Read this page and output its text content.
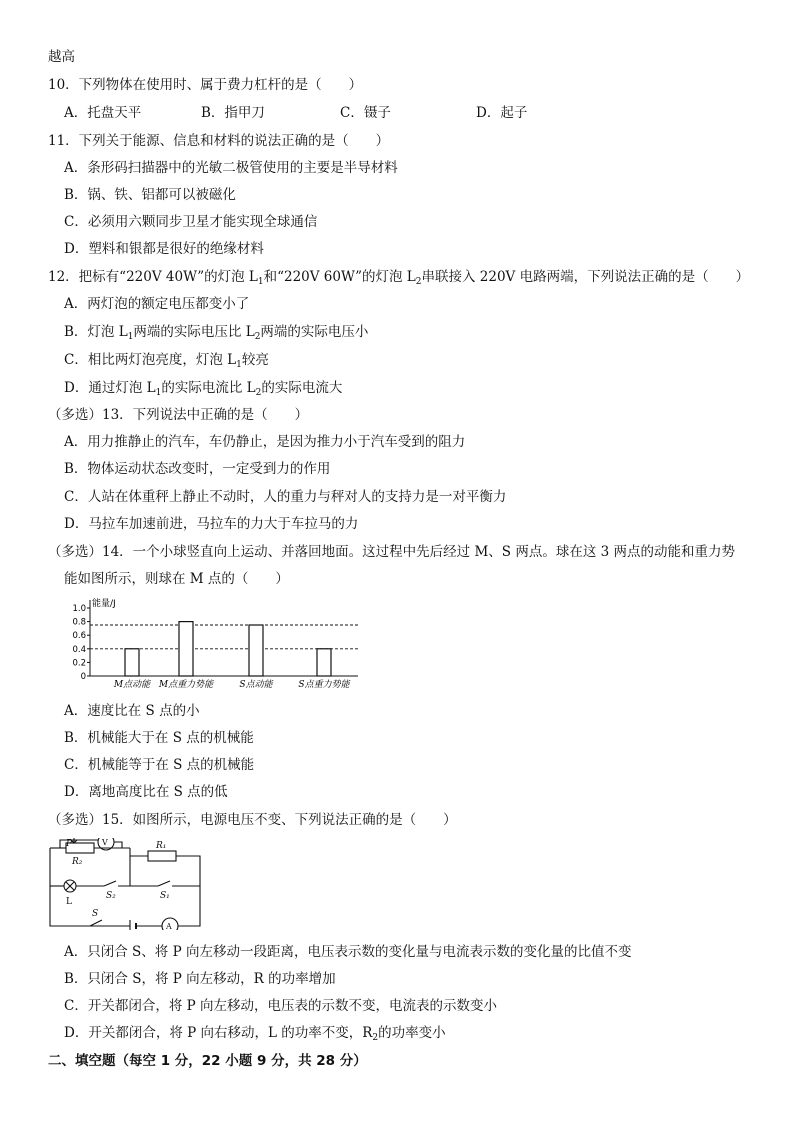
越高
10．下列物体在使用时、属于费力杠杆的是（　　）
A．托盘天平	B．指甲刀	C．镊子	D．起子
11．下列关于能源、信息和材料的说法正确的是（　　）
A．条形码扫描器中的光敏二极管使用的主要是半导材料
B．锅、铁、铝都可以被磁化
C．必须用六颗同步卫星才能实现全球通信
D．塑料和银都是很好的绝缘材料
12．把标有“220V 40W”的灯泡 $L_1$和“220V 60W”的灯泡 $L_2$串联接入 220V 电路两端，下列说法正确的是（　　）
A．两灯泡的额定电压都变小了
B．灯泡 $L_1$两端的实际电压比 $L_2$两端的实际电压小
C．相比两灯泡亮度，灯泡 $L_1$较亮
D．通过灯泡 $L_1$的实际电流比 $L_2$的实际电流大
（多选）13．下列说法中正确的是（　　）
A．用力推静止的汽车，车仍静止，是因为推力小于汽车受到的阻力
B．物体运动状态改变时，一定受到力的作用
C．人站在体重秤上静止不动时，人的重力与秤对人的支持力是一对平衡力
D．马拉车加速前进，马拉车的力大于车拉马的力
（多选）14．一个小球竖直向上运动、并落回地面。这过程中先后经过 M、S 两点。球在这 3 两点的动能和重力势
能如图所示，则球在 M 点的（　　）
能量/J
0
0.2
0.4
0.6
0.8
1.0
M点动能 M点重力势能	S点动能	S点重力势能
A．速度比在 S 点的小
B．机械能大于在 S 点的机械能
C．机械能等于在 S 点的机械能
D．离地高度比在 S 点的低
（多选）15．如图所示，电源电压不变、下列说法正确的是（　　）
P
R₂
V	R₁
L
S₂	S₁
S
A
A．只闭合 S、将 P 向左移动一段距离，电压表示数的变化量与电流表示数的变化量的比值不变
B．只闭合 S，将 P 向左移动，R 的功率增加
C．开关都闭合，将 P 向左移动，电压表的示数不变，电流表的示数变小
D．开关都闭合，将 P 向右移动，L 的功率不变，$R_2$的功率变小
二、填空题（每空 1 分，22 小题 9 分，共 28 分）
